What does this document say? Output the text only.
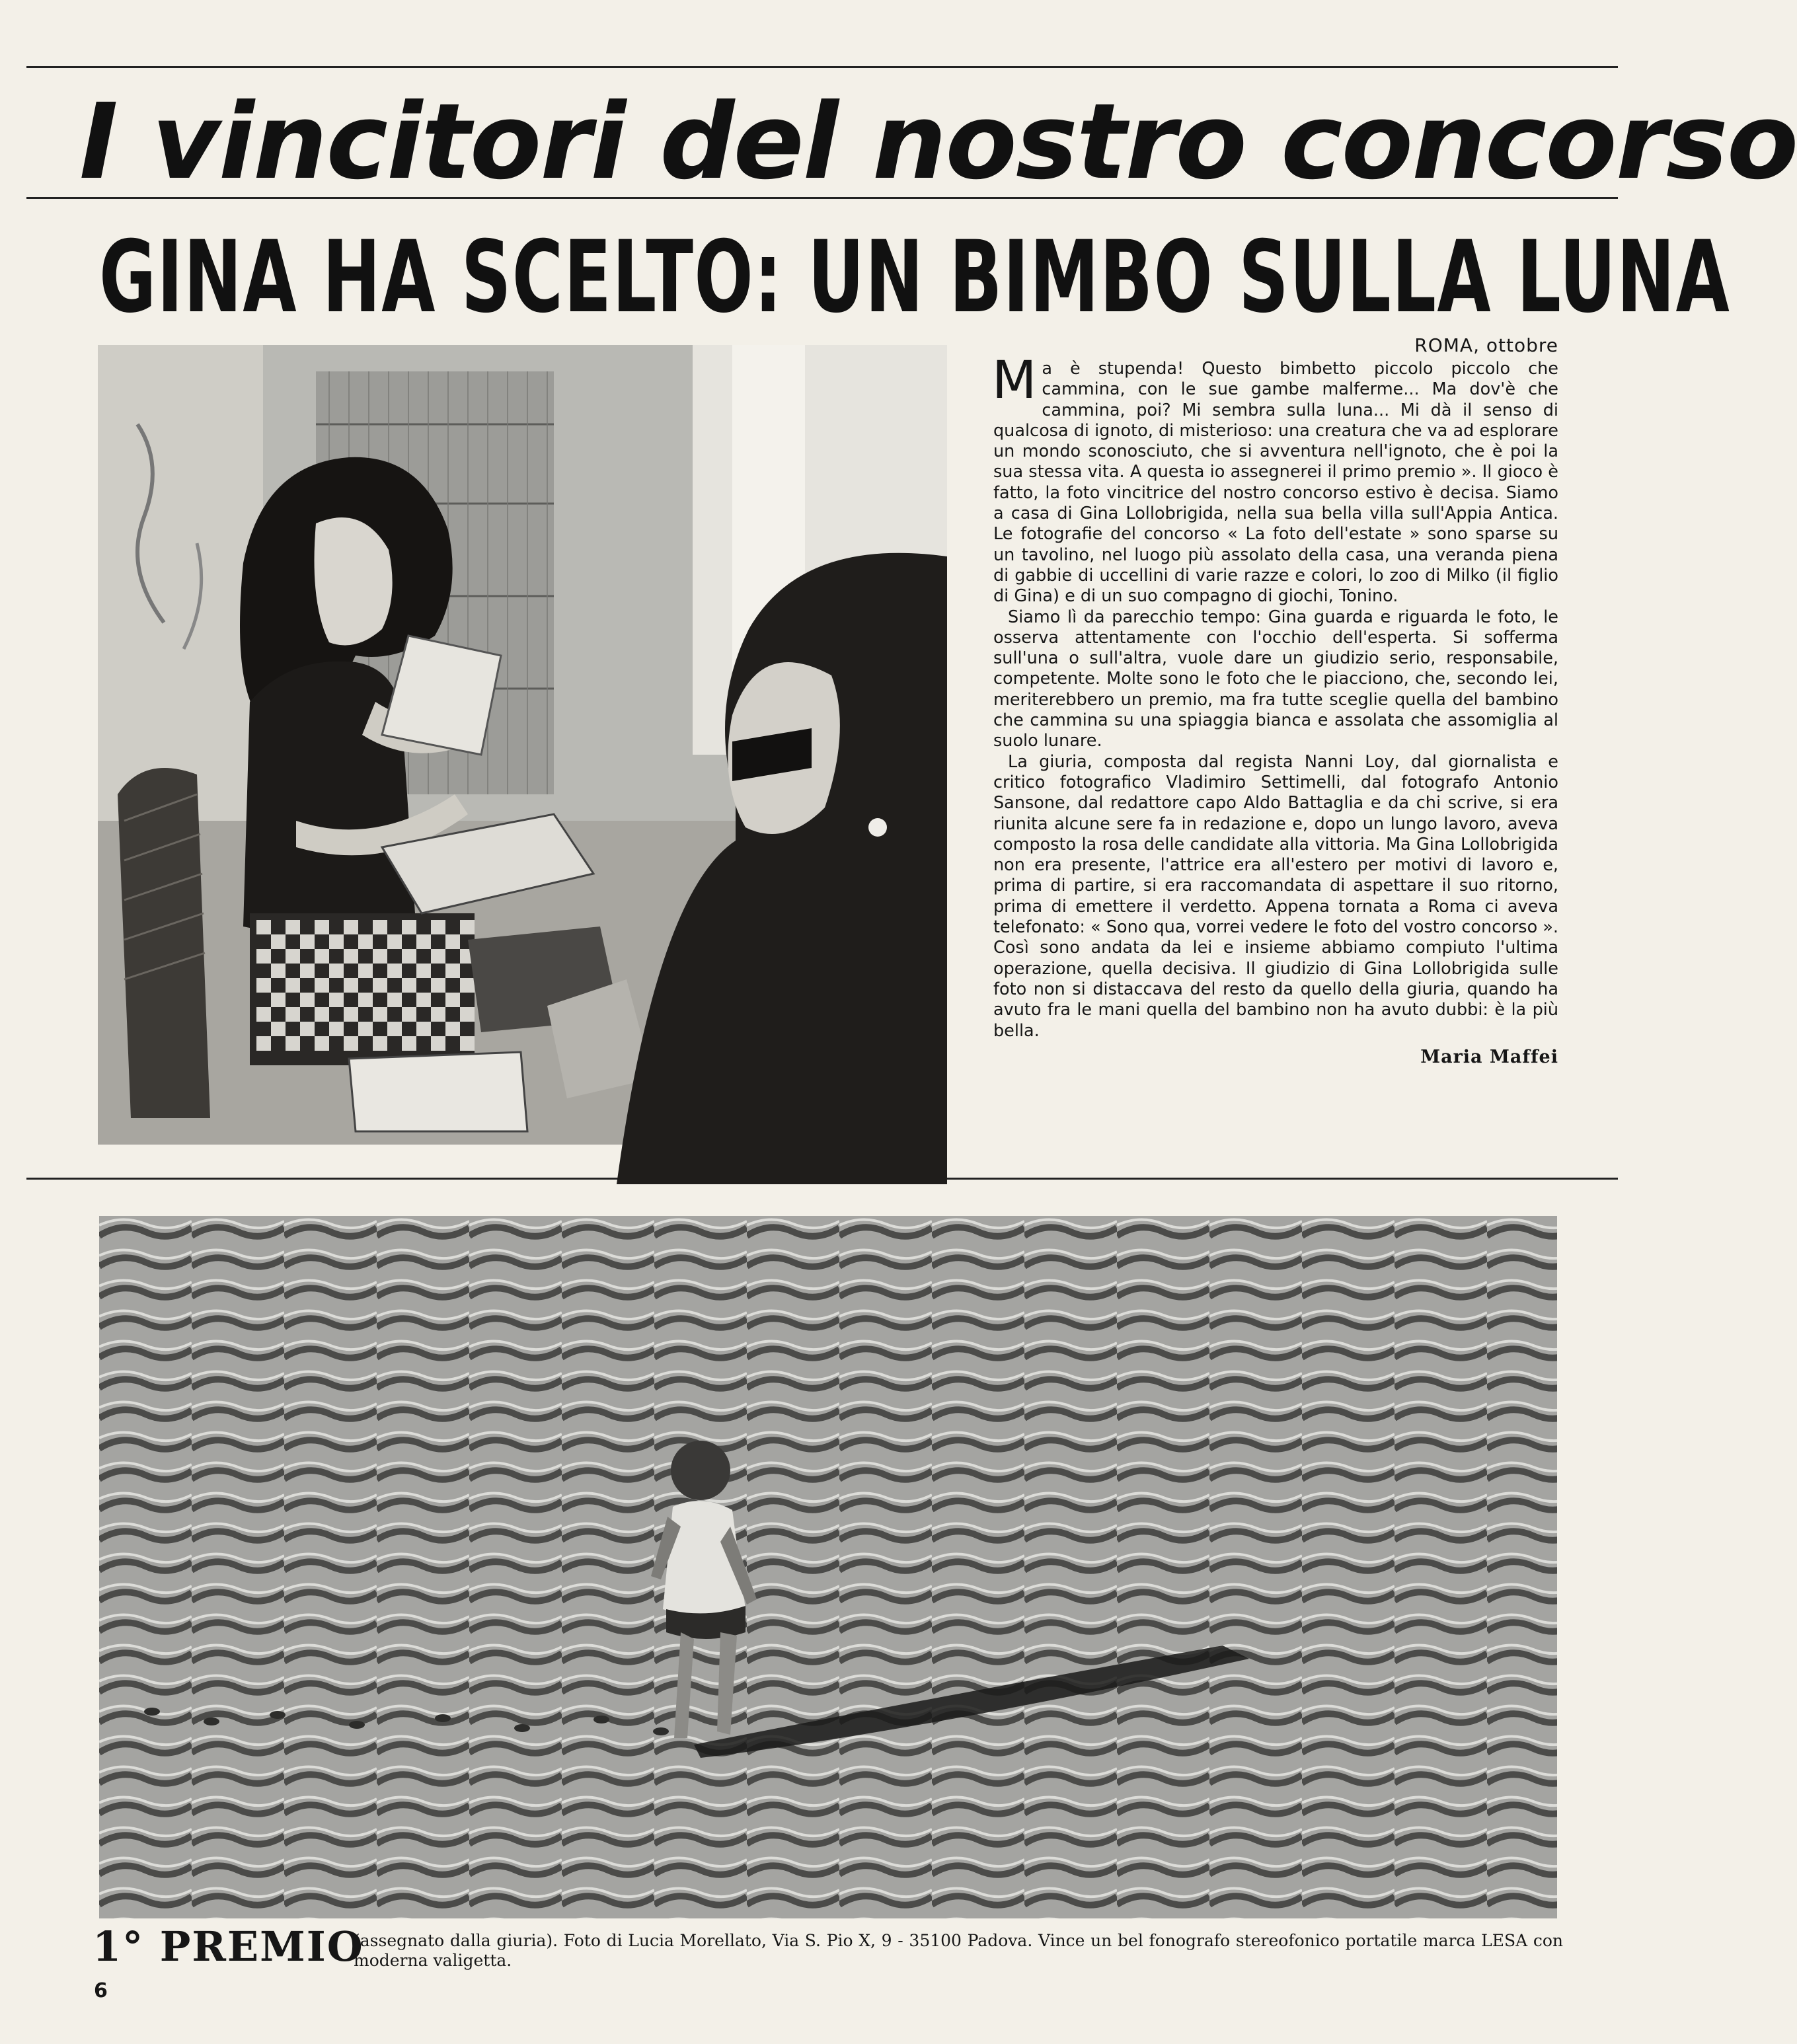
I vincitori del nostro concorso
GINA HA SCELTO: UN BIMBO SULLA LUNA
ROMA, ottobre

Ma è stupenda! Questo bimbetto piccolo piccolo che cammina, con le sue gambe malferme... Ma dov'è che cammina, poi? Mi sembra sulla luna... Mi dà il senso di qualcosa di ignoto, di misterioso: una creatura che va ad esplorare un mondo sconosciuto, che si avventura nell'ignoto, che è poi la sua stessa vita. A questa io assegnerei il primo premio ». Il gioco è fatto, la foto vincitrice del nostro concorso estivo è decisa. Siamo a casa di Gina Lollobrigida, nella sua bella villa sull'Appia Antica. Le fotografie del concorso « La foto dell'estate » sono sparse su un tavolino, nel luogo più assolato della casa, una veranda piena di gabbie di uccellini di varie razze e colori, lo zoo di Milko (il figlio di Gina) e di un suo compagno di giochi, Tonino.

Siamo lì da parecchio tempo: Gina guarda e riguarda le foto, le osserva attentamente con l'occhio dell'esperta. Si sofferma sull'una o sull'altra, vuole dare un giudizio serio, responsabile, competente. Molte sono le foto che le piacciono, che, secondo lei, meriterebbero un premio, ma fra tutte sceglie quella del bambino che cammina su una spiaggia bianca e assolata che assomiglia al suolo lunare.

La giuria, composta dal regista Nanni Loy, dal giornalista e critico fotografico Vladimiro Settimelli, dal fotografo Antonio Sansone, dal redattore capo Aldo Battaglia e da chi scrive, si era riunita alcune sere fa in redazione e, dopo un lungo lavoro, aveva composto la rosa delle candidate alla vittoria. Ma Gina Lollobrigida non era presente, l'attrice era all'estero per motivi di lavoro e, prima di partire, si era raccomandata di aspettare il suo ritorno, prima di emettere il verdetto. Appena tornata a Roma ci aveva telefonato: « Sono qua, vorrei vedere le foto del vostro concorso ». Così sono andata da lei e insieme abbiamo compiuto l'ultima operazione, quella decisiva. Il giudizio di Gina Lollobrigida sulle foto non si distaccava del resto da quello della giuria, quando ha avuto fra le mani quella del bambino non ha avuto dubbi: è la più bella.

Maria Maffei
1° PREMIO
(assegnato dalla giuria). Foto di Lucia Morellato, Via S. Pio X, 9 - 35100 Padova. Vince un bel fonografo stereofonico portatile marca LESA con moderna valigetta.
6
